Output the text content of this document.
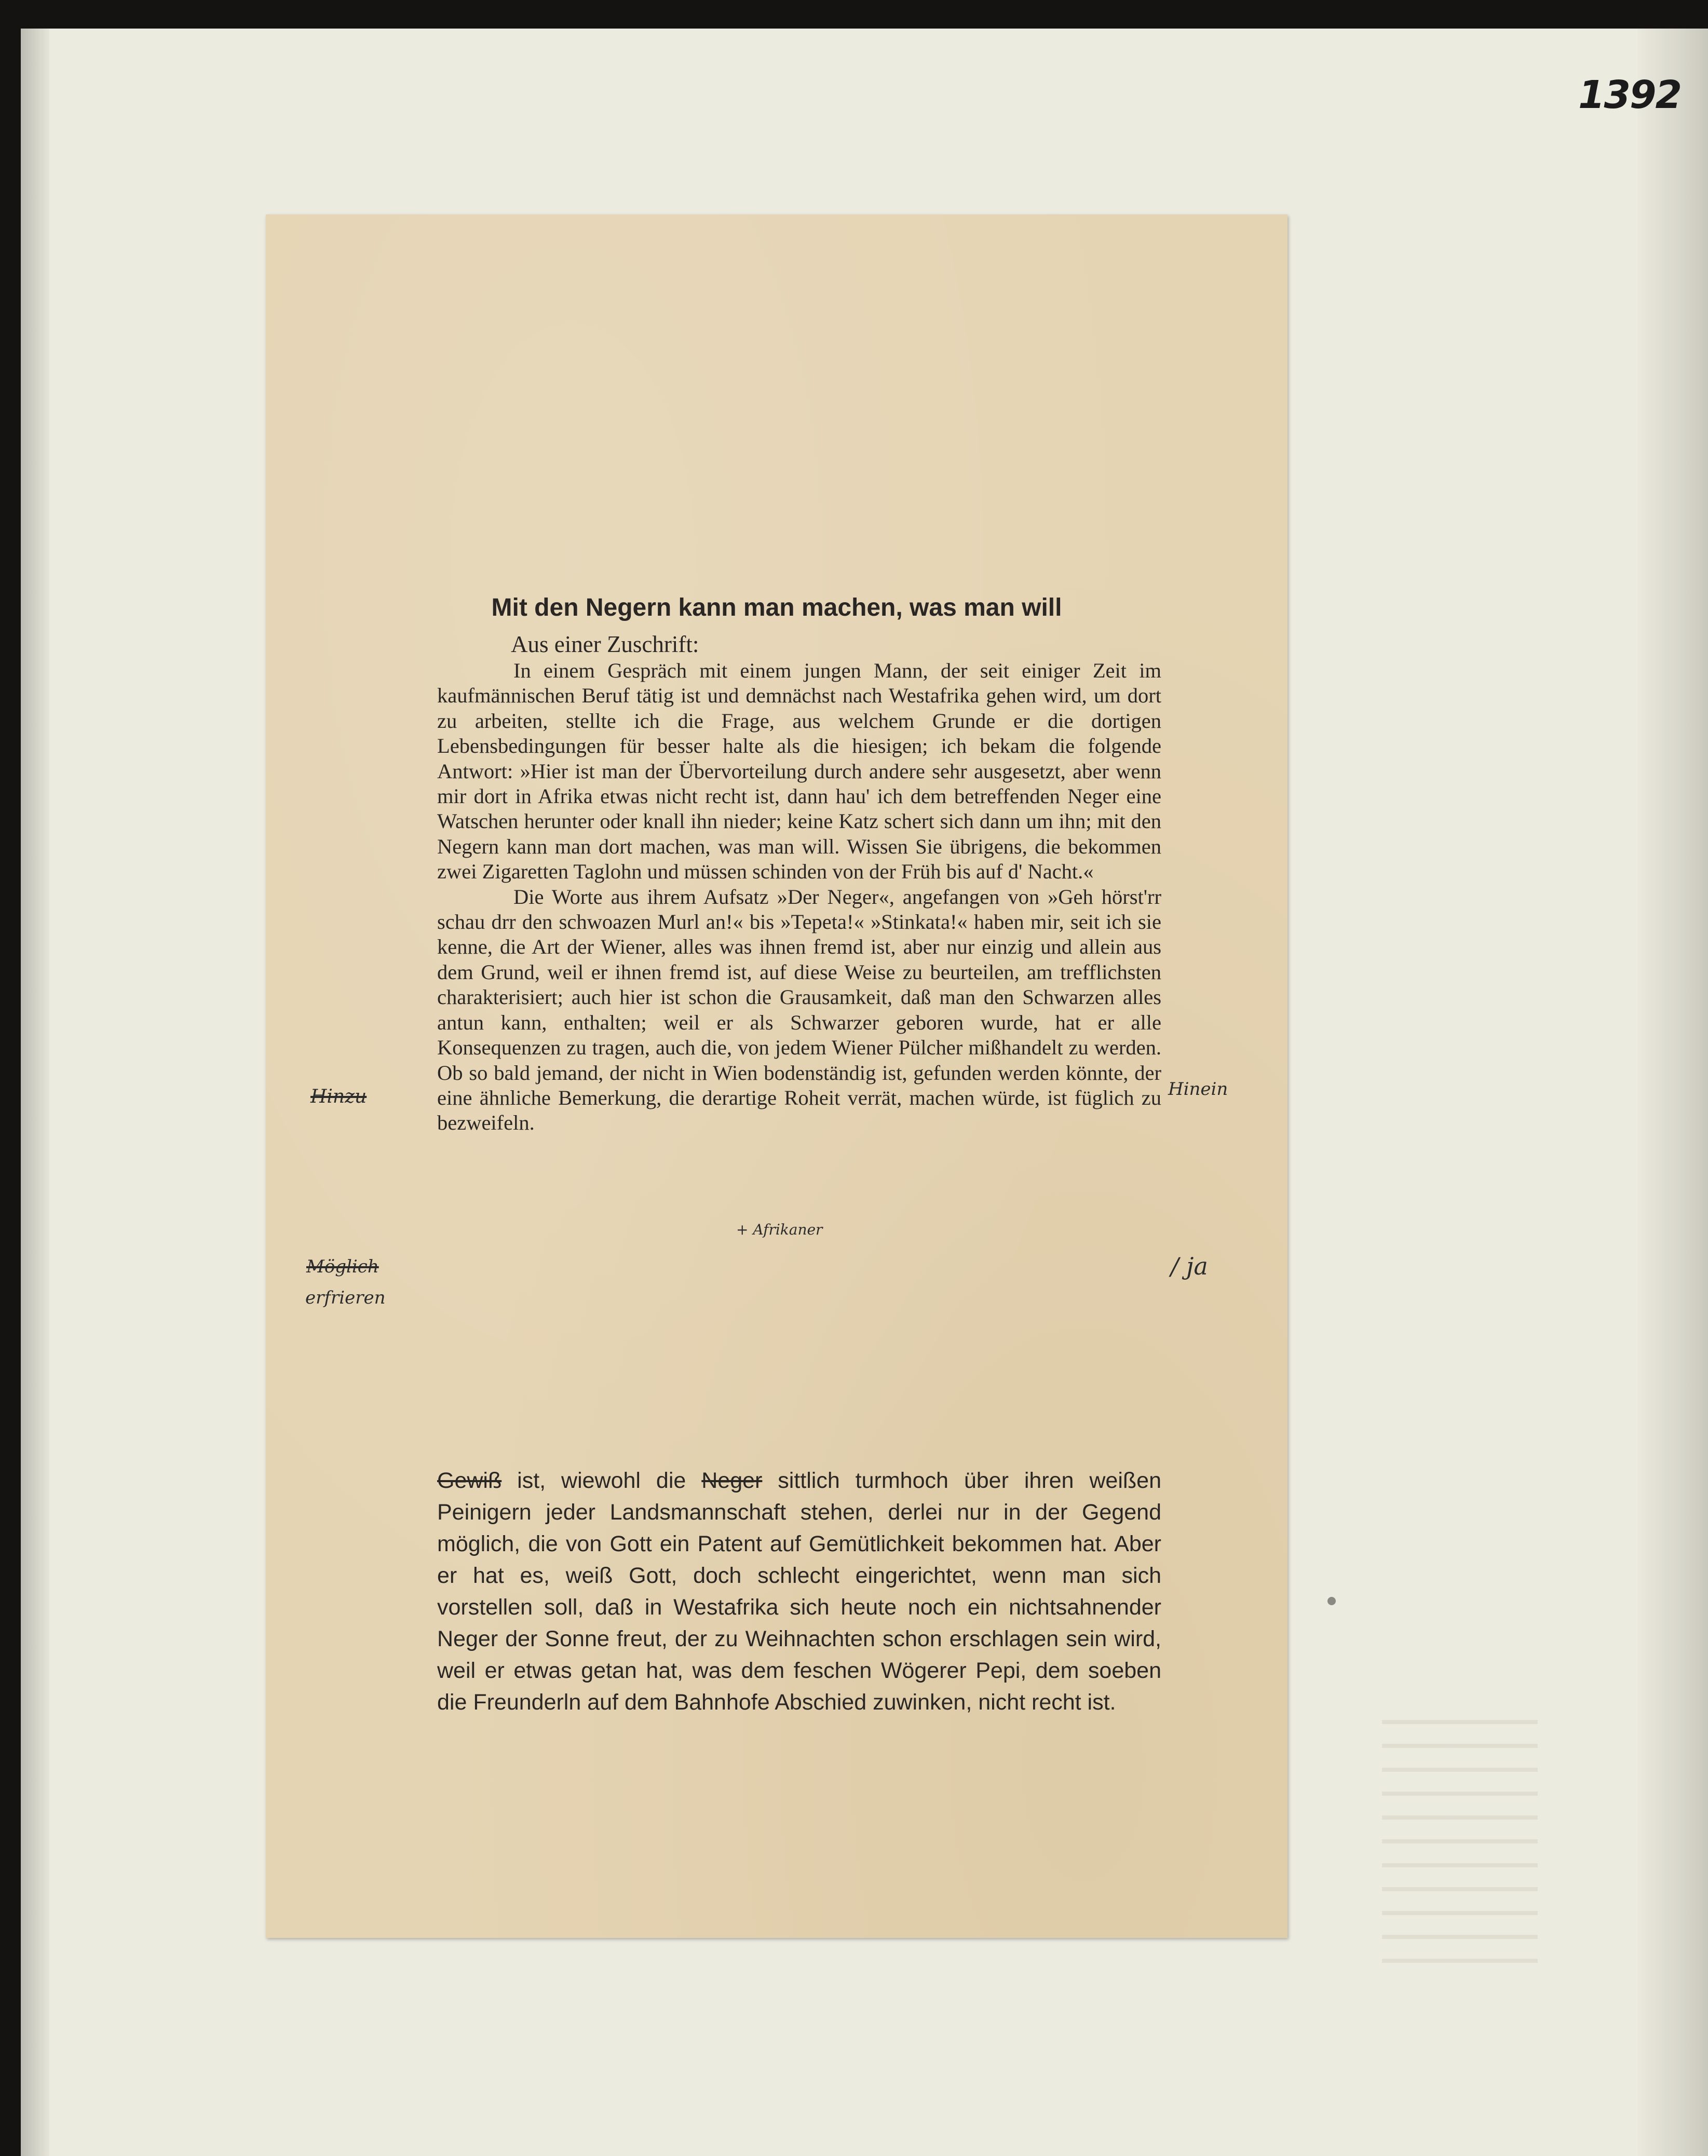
1392
Mit den Negern kann man machen, was man will
Aus einer Zuschrift:

In einem Gespräch mit einem jungen Mann, der seit einiger Zeit im kaufmännischen Beruf tätig ist und demnächst nach Westafrika gehen wird, um dort zu arbeiten, stellte ich die Frage, aus welchem Grunde er die dortigen Lebensbedingungen für besser halte als die hiesigen; ich bekam die folgende Antwort: »Hier ist man der Übervorteilung durch andere sehr ausgesetzt, aber wenn mir dort in Afrika etwas nicht recht ist, dann hau' ich dem betreffenden Neger eine Watschen herunter oder knall ihn nieder; keine Katz schert sich dann um ihn; mit den Negern kann man dort machen, was man will. Wissen Sie übrigens, die bekommen zwei Zigaretten Taglohn und müssen schinden von der Früh bis auf d' Nacht.«

Die Worte aus ihrem Aufsatz »Der Neger«, angefangen von »Geh hörst'rr schau drr den schwoazen Murl an!« bis »Tepeta!« »Stinkata!« haben mir, seit ich sie kenne, die Art der Wiener, alles was ihnen fremd ist, aber nur einzig und allein aus dem Grund, weil er ihnen fremd ist, auf diese Weise zu beurteilen, am trefflichsten charakterisiert; auch hier ist schon die Grausamkeit, daß man den Schwarzen alles antun kann, enthalten; weil er als Schwarzer geboren wurde, hat er alle Konsequenzen zu tragen, auch die, von jedem Wiener Pülcher mißhandelt zu werden. Ob so bald jemand, der nicht in Wien bodenständig ist, gefunden werden könnte, der eine ähnliche Bemerkung, die derartige Roheit verrät, machen würde, ist füglich zu bezweifeln.

Gewiß ist, wiewohl die Neger sittlich turmhoch über ihren weißen Peinigern jeder Landsmannschaft stehen, derlei nur in der Gegend möglich, die von Gott ein Patent auf Gemütlichkeit bekommen hat. Aber er hat es, weiß Gott, doch schlecht eingerichtet, wenn man sich vorstellen soll, daß in Westafrika sich heute noch ein nichtsahnender Neger der Sonne freut, der zu Weihnachten schon erschlagen sein wird, weil er etwas getan hat, was dem feschen Wögerer Pepi, dem soeben die Freunderln auf dem Bahnhofe Abschied zuwinken, nicht recht ist.

Hinzu	Hinein
+ Afrikaner
Möglich
erfrieren
/ ja
